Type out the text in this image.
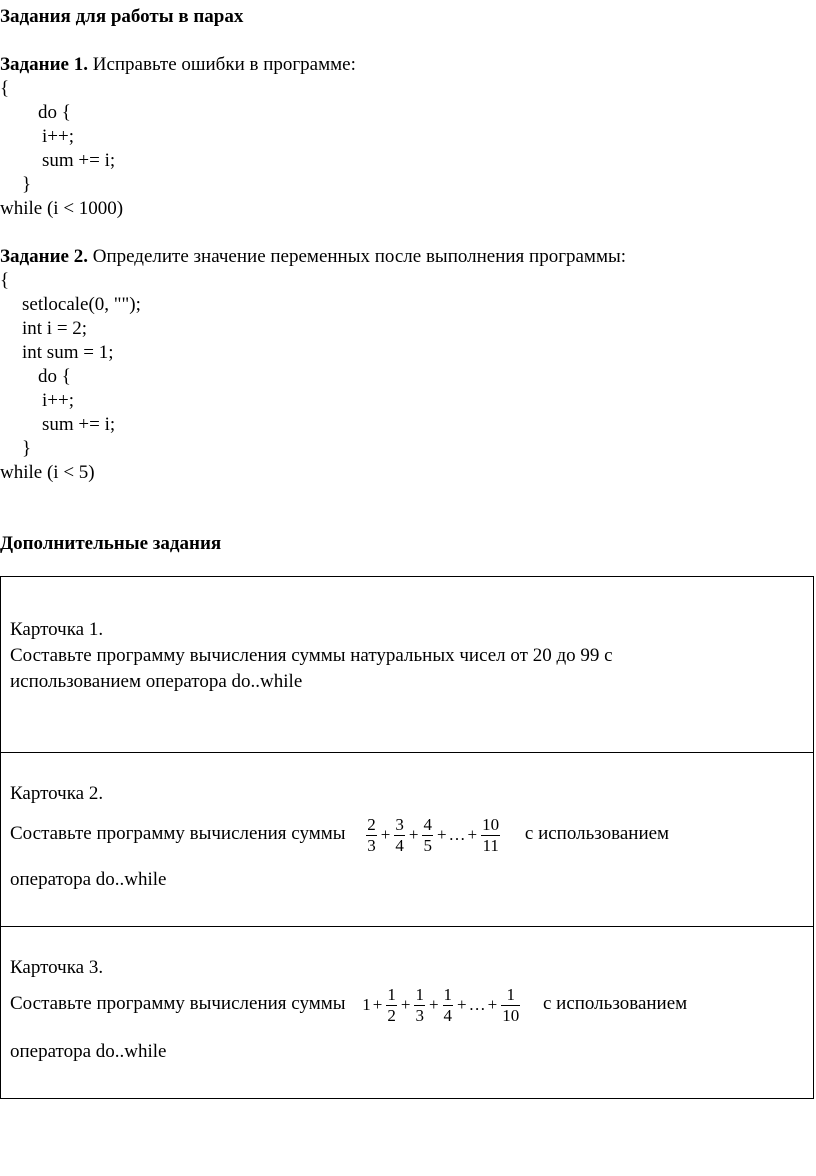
Задания для работы в парах
Задание 1. Исправьте ошибки в программе:
{
do {
i++;
sum += i;
}
while (i < 1000)
Задание 2. Определите значение переменных после выполнения программы:
{
setlocale(0, "");
int i = 2;
int sum = 1;
do {
i++;
sum += i;
}
while (i < 5)
Дополнительные задания
Карточка 1.
Составьте программу вычисления суммы натуральных чисел от 20 до 99 с
использованием оператора do..while
Карточка 2.
Составьте программу вычисления суммы $\frac{2}{3} + \frac{3}{4} + \frac{4}{5}$ + … + $\frac{10}{11}$ с использованием
оператора do..while
Карточка 3.
Составьте программу вычисления суммы $1 + \frac{1}{2} + \frac{1}{3} + \frac{1}{4}$ + … + $\frac{1}{10}$ с использованием
оператора do..while
